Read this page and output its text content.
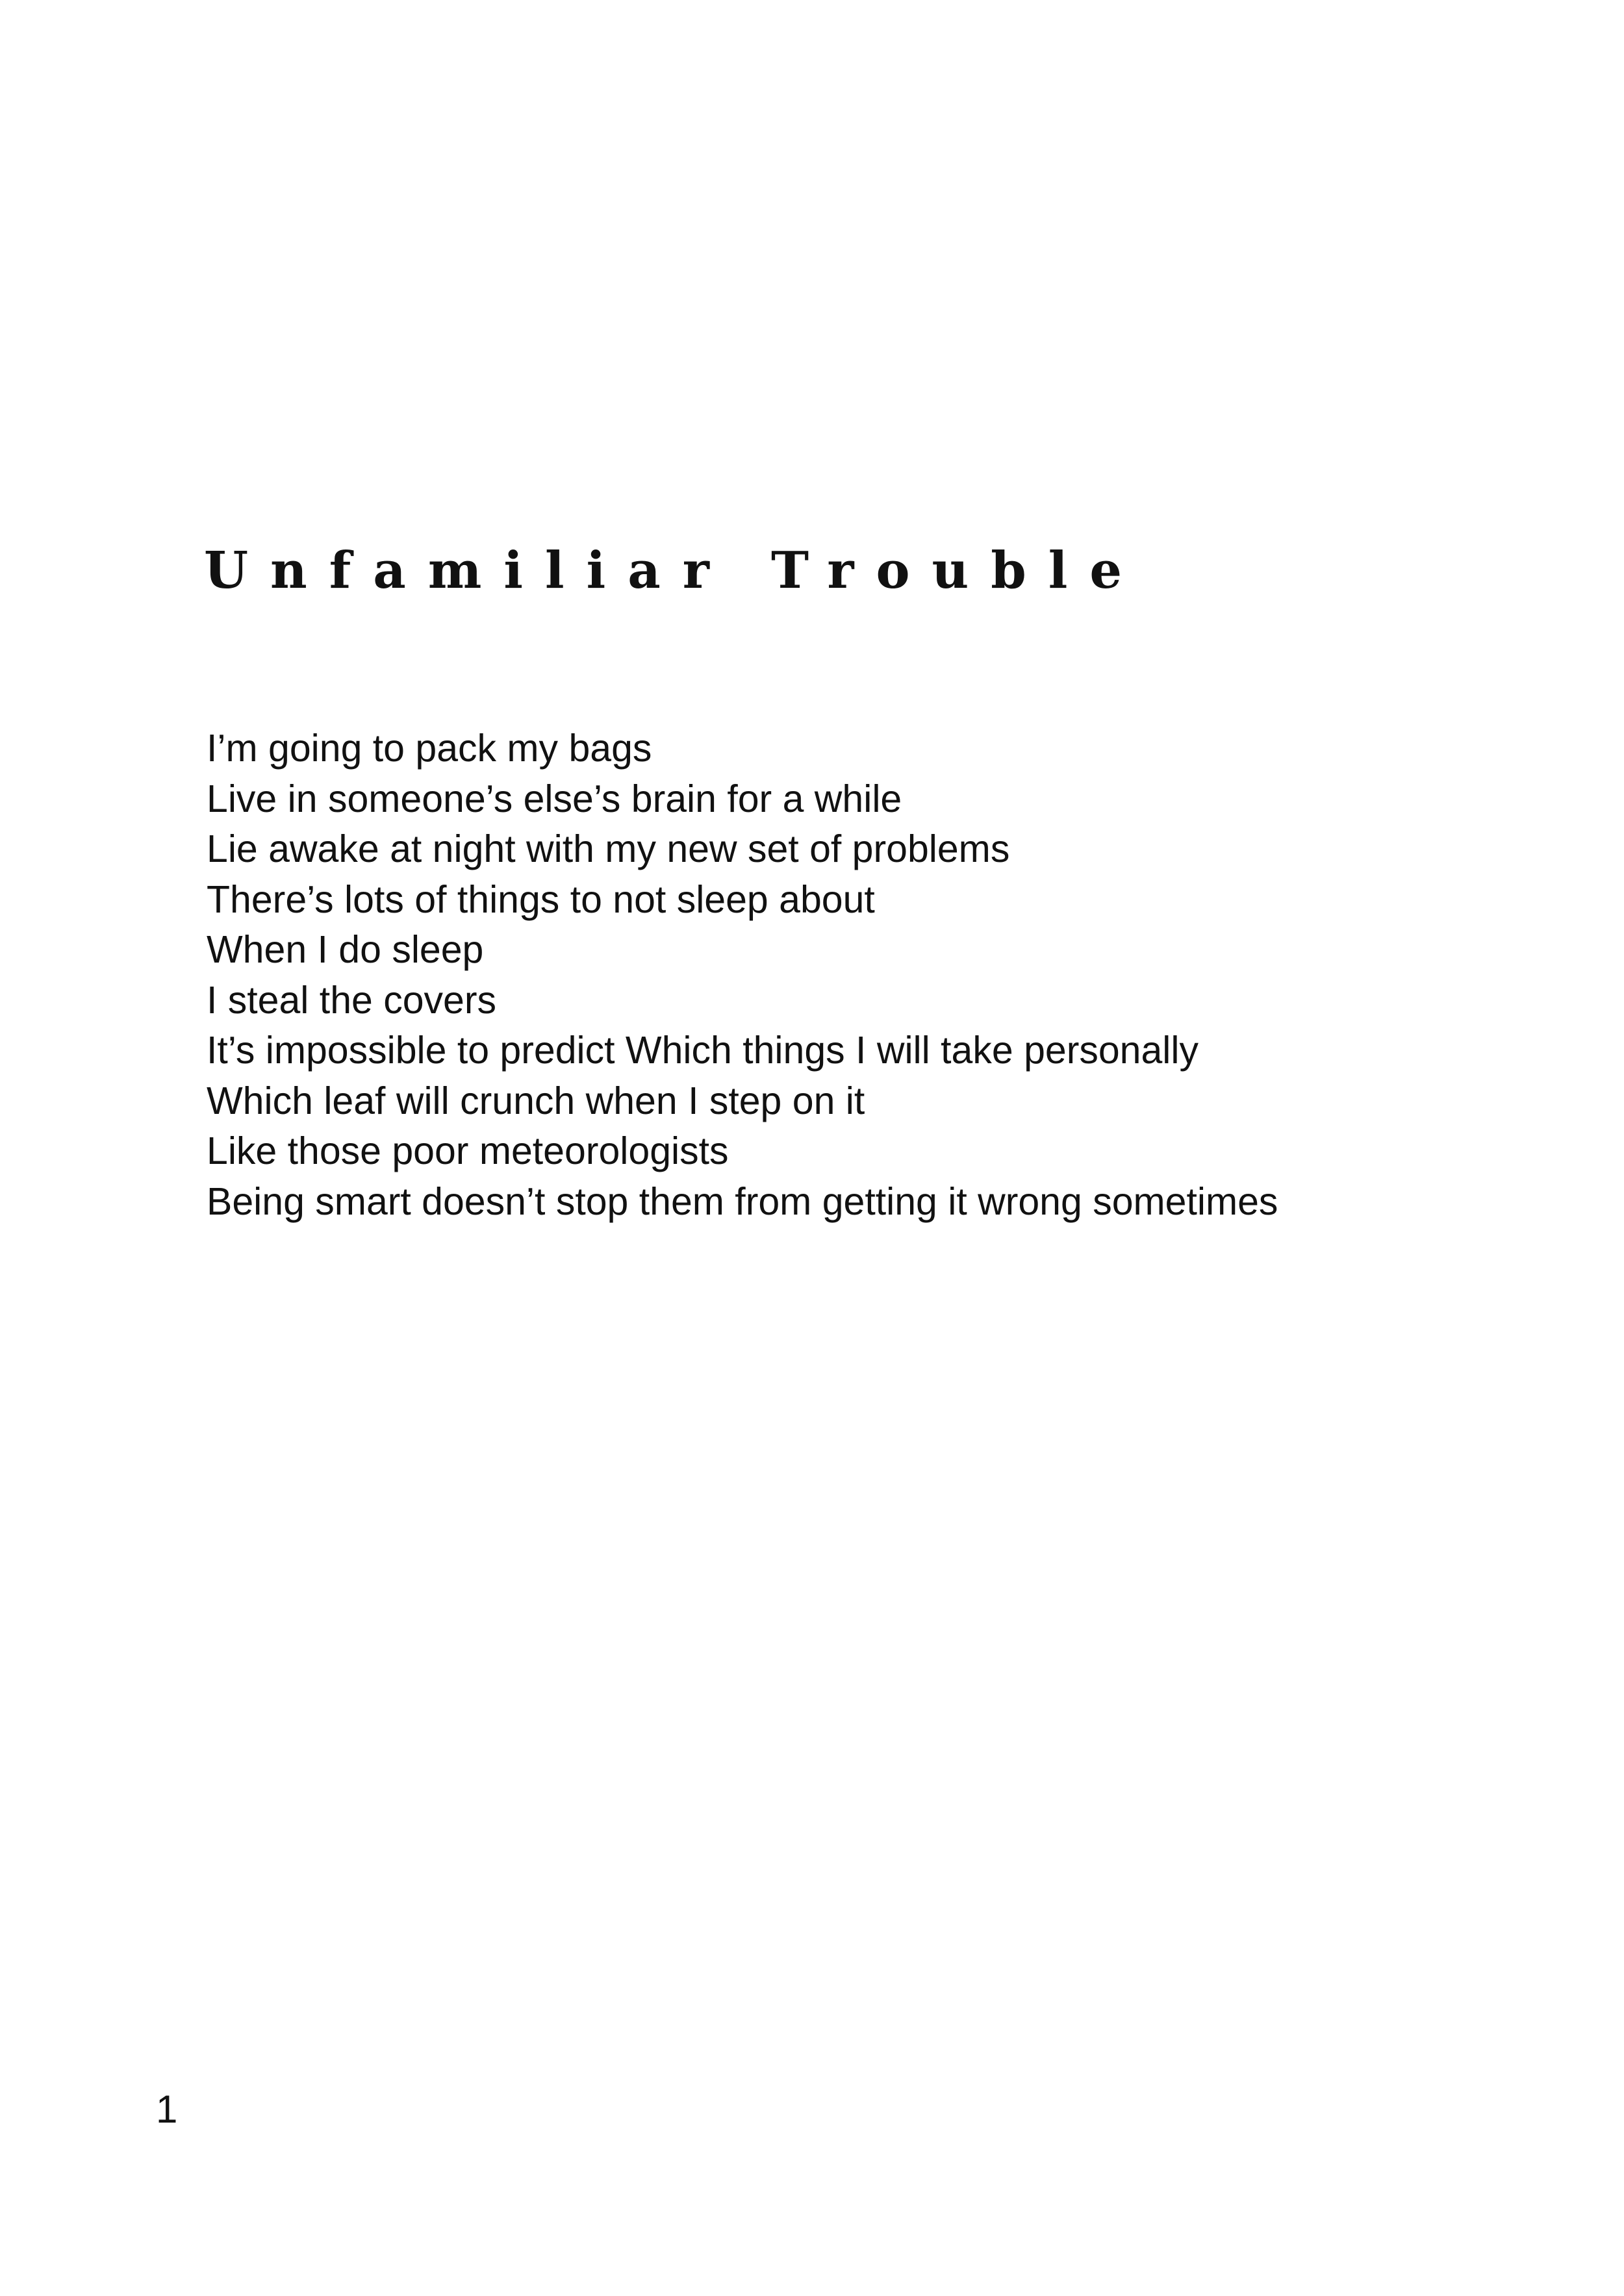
Unfamiliar Trouble
I’m going to pack my bags
Live in someone’s else’s brain for a while
Lie awake at night with my new set of problems
There’s lots of things to not sleep about
When I do sleep
I steal the covers
It’s impossible to predict Which things I will take personally
Which leaf will crunch when I step on it
Like those poor meteorologists
Being smart doesn’t stop them from getting it wrong sometimes
1
